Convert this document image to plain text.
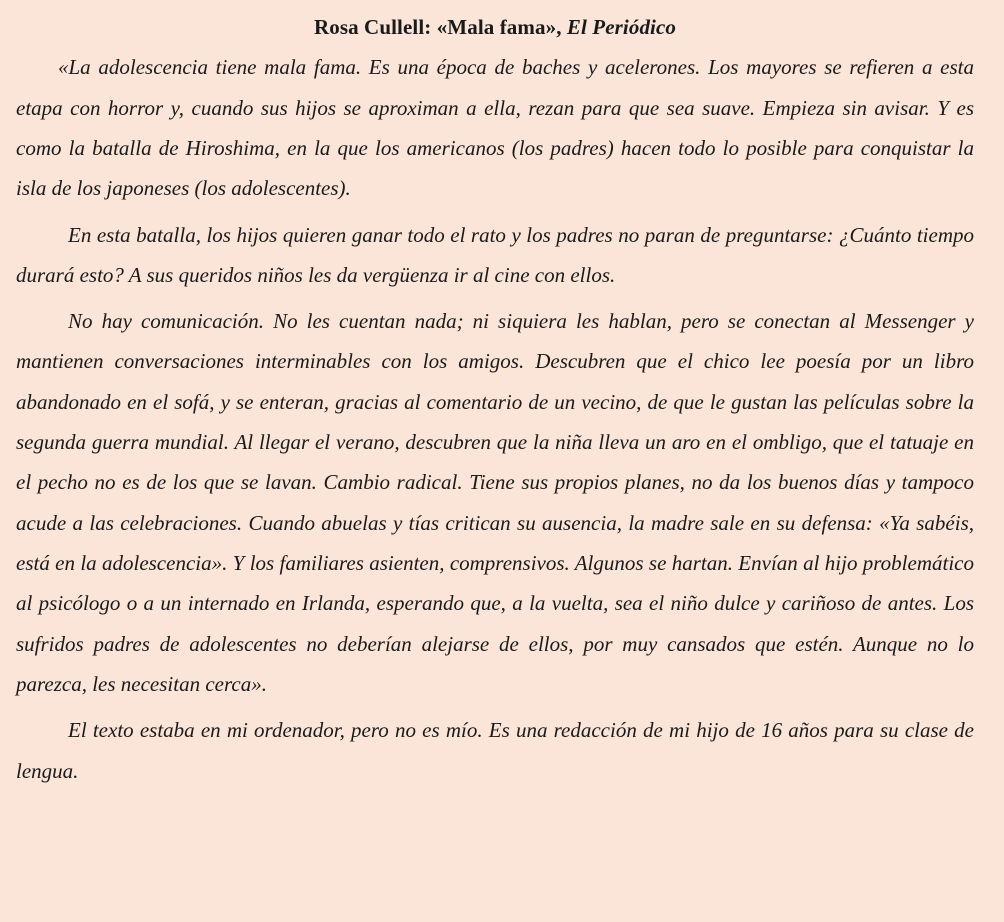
Rosa Cullell: «Mala fama», El Periódico

«La adolescencia tiene mala fama. Es una época de baches y acelerones. Los mayores se refieren a esta etapa con horror y, cuando sus hijos se aproximan a ella, rezan para que sea suave. Empieza sin avisar. Y es como la batalla de Hiroshima, en la que los americanos (los padres) hacen todo lo posible para conquistar la isla de los japoneses (los adolescentes).

En esta batalla, los hijos quieren ganar todo el rato y los padres no paran de preguntarse: ¿Cuánto tiempo durará esto? A sus queridos niños les da vergüenza ir al cine con ellos.

No hay comunicación. No les cuentan nada; ni siquiera les hablan, pero se conectan al Messenger y mantienen conversaciones interminables con los amigos. Descubren que el chico lee poesía por un libro abandonado en el sofá, y se enteran, gracias al comentario de un vecino, de que le gustan las películas sobre la segunda guerra mundial. Al llegar el verano, descubren que la niña lleva un aro en el ombligo, que el tatuaje en el pecho no es de los que se lavan. Cambio radical. Tiene sus propios planes, no da los buenos días y tampoco acude a las celebraciones. Cuando abuelas y tías critican su ausencia, la madre sale en su defensa: «Ya sabéis, está en la adolescencia». Y los familiares asienten, comprensivos. Algunos se hartan. Envían al hijo problemático al psicólogo o a un internado en Irlanda, esperando que, a la vuelta, sea el niño dulce y cariñoso de antes. Los sufridos padres de adolescentes no deberían alejarse de ellos, por muy cansados que estén. Aunque no lo parezca, les necesitan cerca».

El texto estaba en mi ordenador, pero no es mío. Es una redacción de mi hijo de 16 años para su clase de lengua.
